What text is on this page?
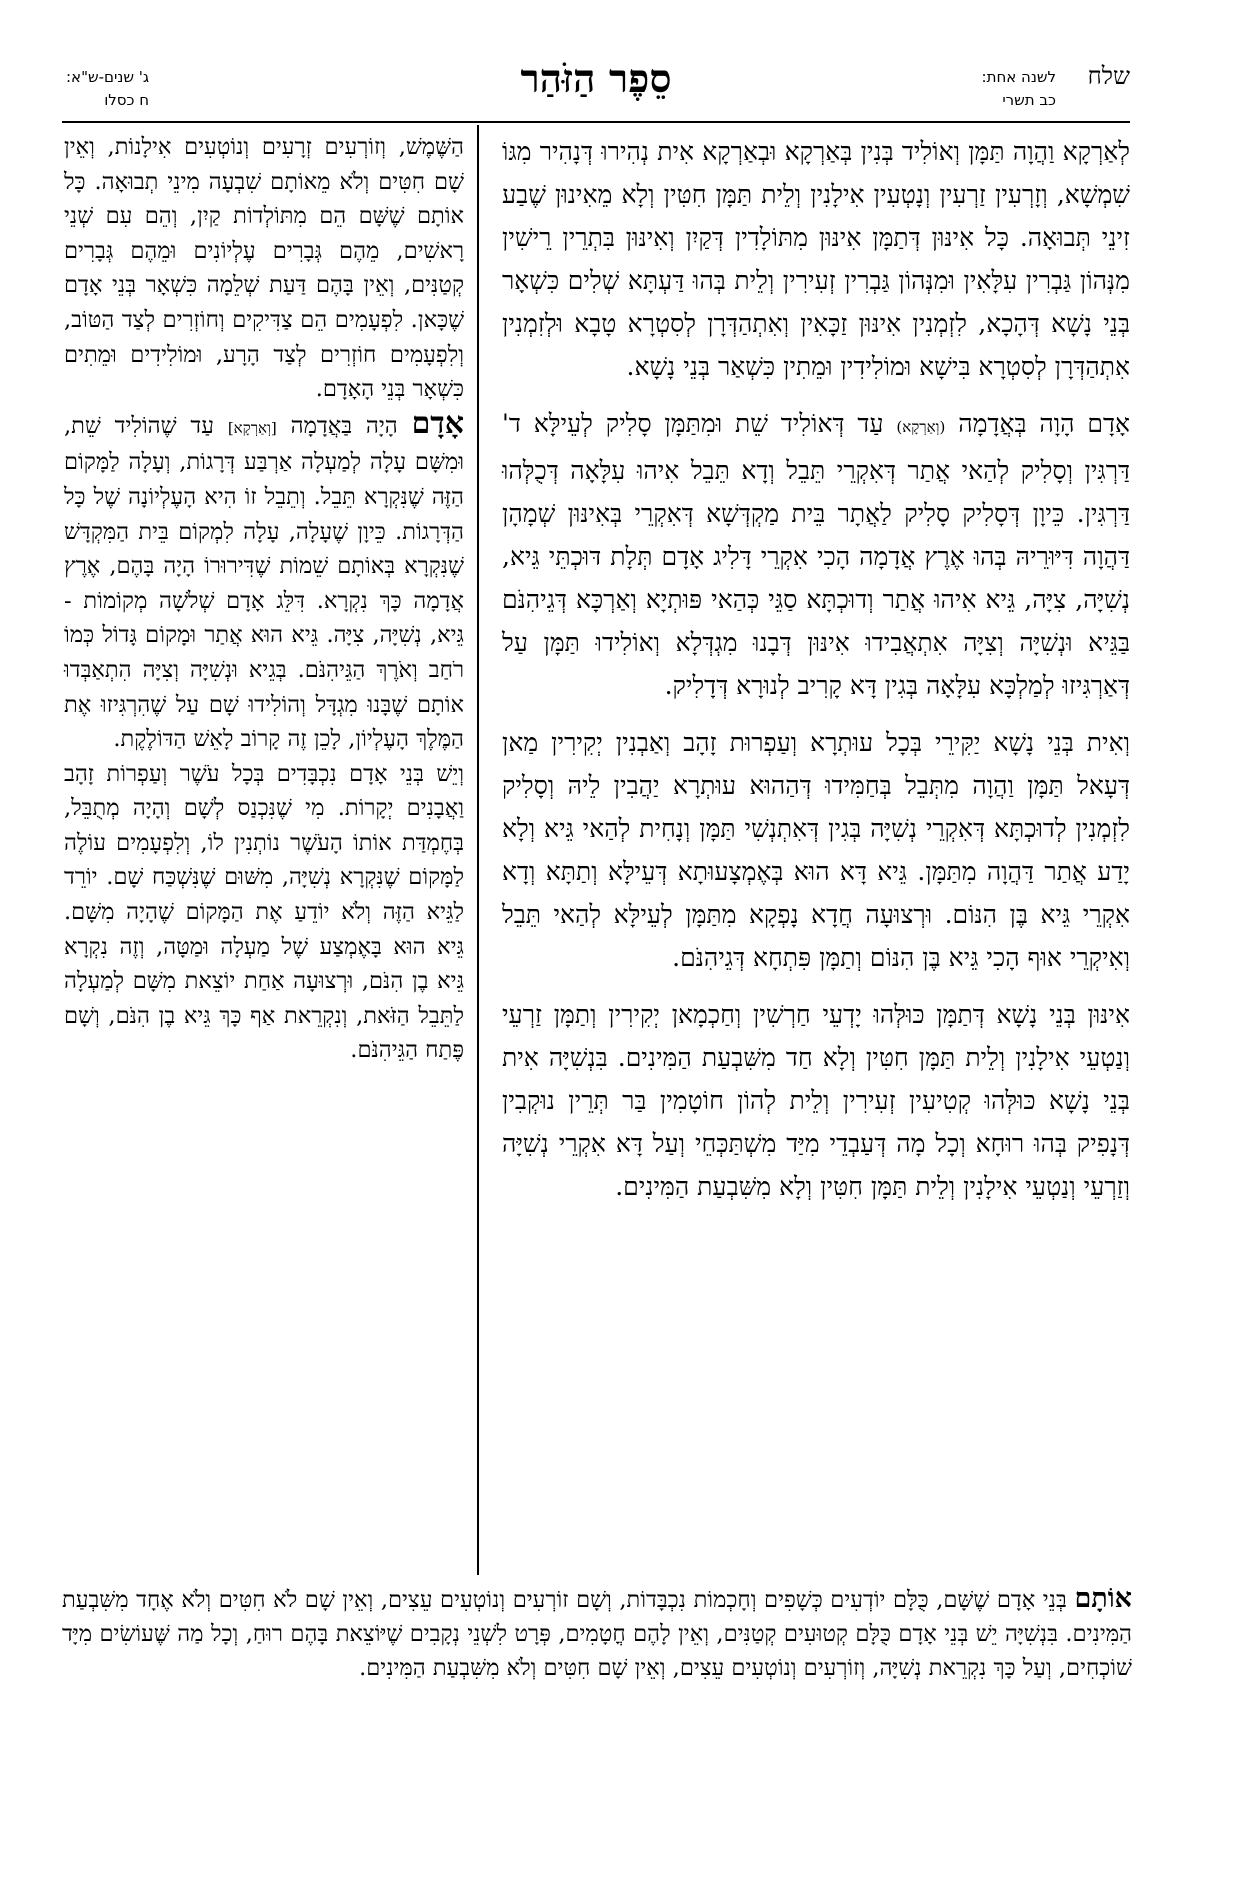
שלח
לשנה אחת:
כב תשרי
סֵפֶר הַזֹּהַר
ג' שנים-ש"א:
ח כסלו

לְאַרְקָא וַהֲוָה תַּמָּן וְאוֹלִיד בְּנִין בְּאַרְקָא וּבְאַרְקָא אִית נְהִירוּ דְּנָהִיר מִגּוֹ שִׁמְשָׁא, וְזָרְעִין זַרְעִין וְנָטְעִין אִילָנִין וְלֵית תַּמָּן חִטִּין וְלָא מֵאִינוּן שֶׁבַע זִינֵי תְּבוּאָה. כָּל אִינּוּן דְּתַמָּן אִינּוּן מִתּוֹלָדִין דְּקַיִן וְאִינּוּן בִּתְרֵין רֵישִׁין מִנְּהוֹן גַּבְרִין עִלָּאִין וּמִנְּהוֹן גַּבְרִין זְעִירִין וְלֵית בְּהוּ דַּעְתָּא שְׁלִים כִּשְׁאָר בְּנֵי נָשָׁא דְּהָכָא, לִזְמְנִין אִינּוּן זַכָּאִין וְאִתְהַדְּרָן לְסִטְרָא טָבָא וּלְזִמְנִין אִתְהַדְּרָן לְסִטְרָא בִּישָׁא וּמוֹלִידִין וּמֵתִין כִּשְׁאַר בְּנֵי נָשָׁא.

אָדָם הָוָה בְּאֲדָמָה (וְאַרְקָא) עַד דְּאוֹלִיד שֵׁת וּמִתַּמָּן סָלִיק לְעֵילָּא ד' דַּרְגִּין וְסָלִיק לְהַאי אֲתַר דְּאִקְרֵי תֵּבֵל וְדָא תֵּבֵל אִיהוּ עִלָּאָה דְּכֻלְּהוּ דַּרְגִּין. כֵּיוָן דְּסָלִיק סָלִיק לַאֲתָר בֵּית מַקְדְּשָׁא דְּאִקְרֵי בְּאִינּוּן שְׁמָהָן דַּהֲוָה דִּיּוּרֵיהּ בְּהוּ אֶרֶץ אֲדָמָה הָכִי אִקְרֵי דָּלִיג אָדָם תְּלָת דּוּכְתֵּי גֵּיא, נְשִׁיָּה, צִיָּה, גֵּיא אִיהוּ אֲתַר וְדוּכְתָּא סַגֵּי כְּהַאי פּוּתְיָא וְאַרְכָּא דְּגֵיהִנֹּם בַּגֵּיא וּנְשִׁיָּה וְצִיָּה אִתְאֲבִידוּ אִינּוּן דְּבָנוּ מִגְדְּלָא וְאוֹלִידוּ תַּמָּן עַל דְּאַרְגִּיזוּ לְמַלְכָּא עִלָּאָה בְּגִין דָּא קָרִיב לְנוּרָא דְּדָלִיק.

וְאִית בְּנֵי נָשָׁא יַקִּירֵי בְּכָל עוּתְרָא וְעַפְרוּת זָהָב וְאַבְנִין יְקִירִין מַאן דְּעָאל תַּמָּן וַהֲוָה מִתְּבֵל בְּחַמִּידוּ דְּהַהוּא עוּתְרָא יַהֲבִין לֵיהּ וְסָלִיק לִזְמְנִין לְדוּכְתָּא דְּאִקְרֵי נְשִׁיָּה בְּגִין דְּאִתְנְשִׁי תַּמָּן וְנָחִית לְהַאי גֵּיא וְלָא יָדַע אֲתַר דַּהֲוָה מִתַּמָּן. גֵּיא דָּא הוּא בְּאֶמְצָעוּתָא דְּעֵילָּא וְתַתָּא וְדָא אִקְרֵי גֵּיא בֶּן הִנּוֹם. וּרְצוּעָה חֲדָא נָפְקָא מִתַּמָּן לְעֵילָּא לְהַאי תֵּבֵל וְאִיקְרֵי אוּף הָכִי גֵּיא בֶּן הִנּוֹם וְתַמָּן פִּתְחָא דְּגֵיהִנֹּם.

אִינּוּן בְּנֵי נָשָׁא דְּתַמָּן כּוּלְּהוּ יָדְעֵי חַרְשִׁין וְחַכְמָאן יְקִירִין וְתַמָּן זַרְעֵי וְנַטְעֵי אִילָנִין וְלֵית תַּמָּן חִטִּין וְלָא חַד מִשִּׁבְעַת הַמִּינִים. בִּנְשִׁיָּה אִית בְּנֵי נָשָׁא כּוּלְּהוּ קְטִיעִין זְעִירִין וְלֵית לְהוֹן חוֹטָמִין בַּר תְּרֵין נוּקְבִין דְּנָפִיק בְּהוּ רוּחָא וְכָל מָה דְּעַבְדֵי מִיַּד מִשְׁתַּכְּחֵי וְעַל דָּא אִקְרֵי נְשִׁיָּה וְזַרְעֵי וְנַטְעֵי אִילָנִין וְלֵית תַּמָּן חִטִּין וְלָא מִשִּׁבְעַת הַמִּינִים.

הַשֶּׁמֶשׁ, וְזוֹרְעִים זְרָעִים וְנוֹטְעִים אִילָנוֹת, וְאֵין שָׁם חִטִּים וְלֹא מֵאוֹתָם שִׁבְעָה מִינֵי תְבוּאָה. כָּל אוֹתָם שֶׁשָּׁם הֵם מִתּוֹלְדוֹת קַיִן, וְהֵם עִם שְׁנֵי רָאשִׁים, מֵהֶם גְּבָרִים עֶלְיוֹנִים וּמֵהֶם גְּבָרִים קְטַנִּים, וְאֵין בָּהֶם דַּעַת שְׁלֵמָה כִּשְׁאָר בְּנֵי אָדָם שֶׁכָּאן. לִפְעָמִים הֵם צַדִּיקִים וְחוֹזְרִים לְצַד הַטּוֹב, וְלִפְעָמִים חוֹזְרִים לְצַד הָרָע, וּמוֹלִידִים וּמֵתִים כִּשְׁאָר בְּנֵי הָאָדָם.

אָדָם הָיָה בַּאֲדָמָה [וְאַרְקָא] עַד שֶׁהוֹלִיד שֵׁת, וּמִשָּׁם עָלָה לְמַעְלָה אַרְבַּע דְּרָגוֹת, וְעָלָה לַמָּקוֹם הַזֶּה שֶׁנִּקְרָא תֵּבֵל. וְתֵבֵל זוֹ הִיא הָעֶלְיוֹנָה שֶׁל כָּל הַדְּרָגוֹת. כֵּיוָן שֶׁעָלָה, עָלָה לִמְקוֹם בֵּית הַמִּקְדָּשׁ שֶׁנִּקְרָא בְּאוֹתָם שֵׁמוֹת שֶׁדִּירוּרוֹ הָיָה בָּהֶם, אֶרֶץ אֲדָמָה כָּךְ נִקְרָא. דִּלֵּג אָדָם שְׁלֹשָׁה מְקוֹמוֹת - גֵּיא, נְשִׁיָּה, צִיָּה. גֵּיא הוּא אֲתַר וּמָקוֹם גָּדוֹל כְּמוֹ רֹחַב וְאֹרֶךְ הַגֵּיהִנֹּם. בְּגֵיא וּנְשִׁיָּה וְצִיָּה הִתְאַבְּדוּ אוֹתָם שֶׁבָּנוּ מִגְדָּל וְהוֹלִידוּ שָׁם עַל שֶׁהִרְגִּיזוּ אֶת הַמֶּלֶךְ הָעֶלְיוֹן, לָכֵן זֶה קָרוֹב לָאֵשׁ הַדּוֹלֶקֶת.

וְיֵשׁ בְּנֵי אָדָם נִכְבָּדִים בְּכָל עֹשֶׁר וְעַפְרוֹת זָהָב וַאֲבָנִים יְקָרוֹת. מִי שֶׁנִּכְנַס לְשָׁם וְהָיָה מְתֻבֵּל, בְּחֶמְדַּת אוֹתוֹ הָעֹשֶׁר נוֹתְנִין לוֹ, וְלִפְעָמִים עוֹלֶה לַמָּקוֹם שֶׁנִּקְרָא נְשִׁיָּה, מִשּׁוּם שֶׁנִּשְׁכַּח שָׁם. יוֹרֵד לַגֵּיא הַזֶּה וְלֹא יוֹדֵעַ אֶת הַמָּקוֹם שֶׁהָיָה מִשָּׁם. גֵּיא הוּא בָּאֶמְצַע שֶׁל מַעְלָה וּמַטָּה, וְזֶה נִקְרָא גֵּיא בֶן הִנֹּם, וּרְצוּעָה אַחַת יוֹצֵאת מִשָּׁם לְמַעְלָה לַתֵּבֵל הַזֹּאת, וְנִקְרֵאת אַף כָּךְ גֵּיא בֶן הִנֹּם, וְשָׁם פֶּתַח הַגֵּיהִנֹּם.

אוֹתָם בְּנֵי אָדָם שֶׁשָּׁם, כֻּלָּם יוֹדְעִים כְּשָׁפִים וְחָכְמוֹת נִכְבָּדוֹת, וְשָׁם זוֹרְעִים וְנוֹטְעִים עֵצִים, וְאֵין שָׁם לֹא חִטִּים וְלֹא אֶחָד מִשִּׁבְעַת הַמִּינִים. בִּנְשִׁיָּה יֵשׁ בְּנֵי אָדָם כֻּלָּם קְטוּעִים קְטַנִּים, וְאֵין לָהֶם חֳטָמִים, פְּרָט לִשְׁנֵי נְקָבִים שֶׁיּוֹצֵאת בָּהֶם רוּחַ, וְכָל מַה שֶּׁעוֹשִׂים מִיָּד שׁוֹכְחִים, וְעַל כָּךְ נִקְרֵאת נְשִׁיָּה, וְזוֹרְעִים וְנוֹטְעִים עֵצִים, וְאֵין שָׁם חִטִּים וְלֹא מִשִּׁבְעַת הַמִּינִים.
